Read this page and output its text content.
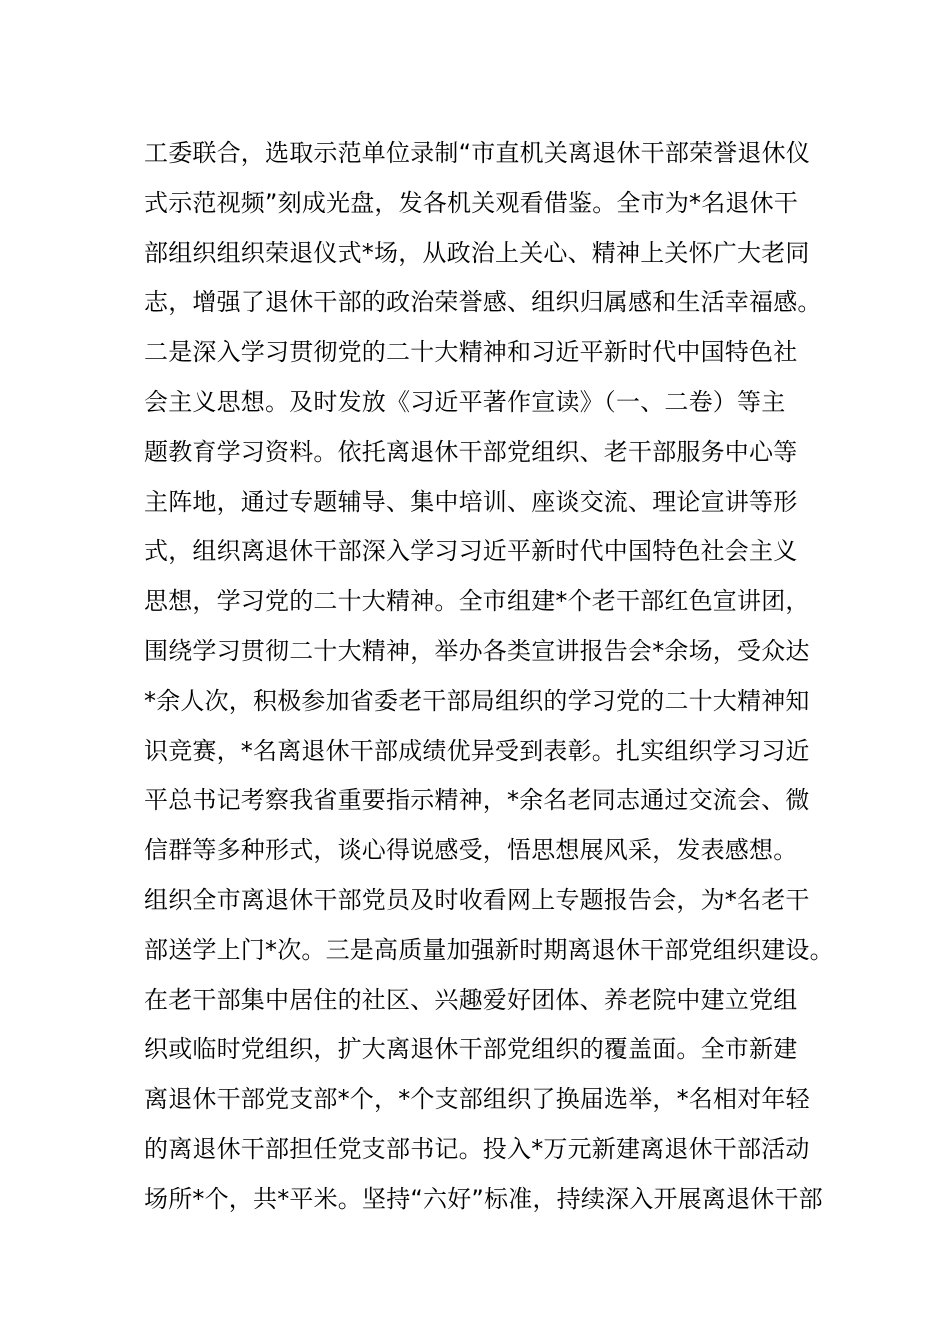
工委联合，选取示范单位录制“市直机关离退休干部荣誉退休仪
式示范视频”刻成光盘，发各机关观看借鉴。全市为*名退休干
部组织组织荣退仪式*场，从政治上关心、精神上关怀广大老同
志，增强了退休干部的政治荣誉感、组织归属感和生活幸福感。
二是深入学习贯彻党的二十大精神和习近平新时代中国特色社
会主义思想。及时发放《习近平著作宣读》（一、二卷）等主
题教育学习资料。依托离退休干部党组织、老干部服务中心等
主阵地，通过专题辅导、集中培训、座谈交流、理论宣讲等形
式，组织离退休干部深入学习习近平新时代中国特色社会主义
思想，学习党的二十大精神。全市组建*个老干部红色宣讲团，
围绕学习贯彻二十大精神，举办各类宣讲报告会*余场，受众达
*余人次，积极参加省委老干部局组织的学习党的二十大精神知
识竞赛，*名离退休干部成绩优异受到表彰。扎实组织学习习近
平总书记考察我省重要指示精神，*余名老同志通过交流会、微
信群等多种形式，谈心得说感受，悟思想展风采，发表感想。
组织全市离退休干部党员及时收看网上专题报告会，为*名老干
部送学上门*次。三是高质量加强新时期离退休干部党组织建设。
在老干部集中居住的社区、兴趣爱好团体、养老院中建立党组
织或临时党组织，扩大离退休干部党组织的覆盖面。全市新建
离退休干部党支部*个，*个支部组织了换届选举，*名相对年轻
的离退休干部担任党支部书记。投入*万元新建离退休干部活动
场所*个，共*平米。坚持“六好”标准，持续深入开展离退休干部
